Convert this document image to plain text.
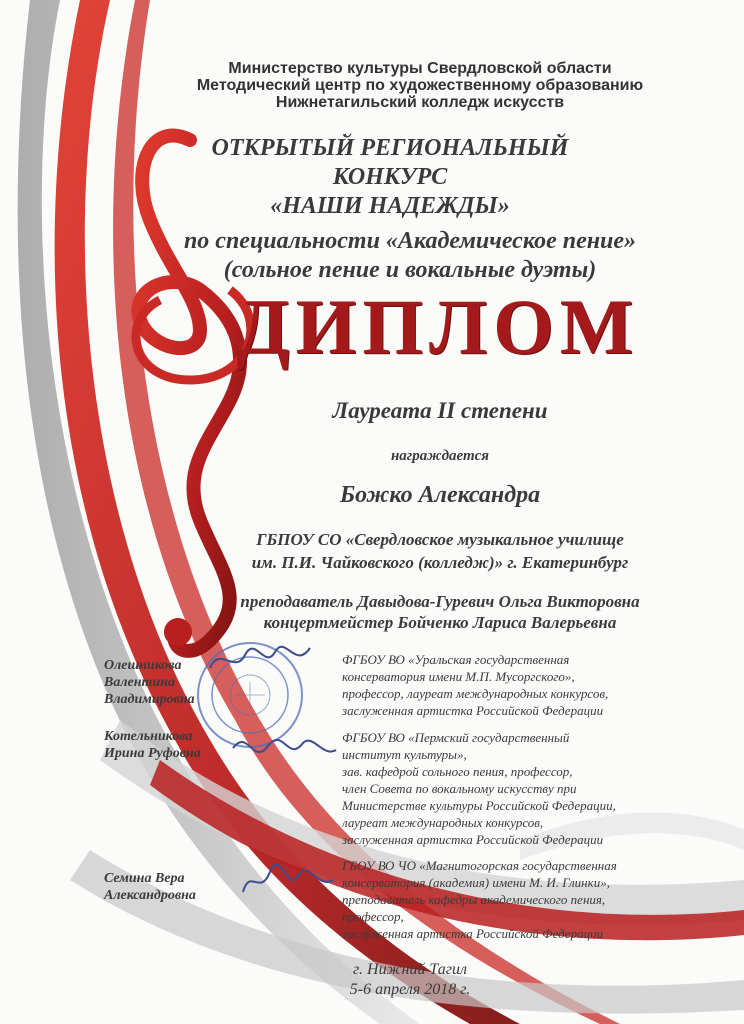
Министерство культуры Свердловской области
Методический центр по художественному образованию
Нижнетагильский колледж искусств
ОТКРЫТЫЙ РЕГИОНАЛЬНЫЙ
КОНКУРС
«НАШИ НАДЕЖДЫ»
по специальности «Академическое пение»
(сольное пение и вокальные дуэты)
ДИПЛОМ
Лауреата II степени
награждается
Божко Александра
ГБПОУ СО «Свердловское музыкальное училище
им. П.И. Чайковского (колледж)» г. Екатеринбург
преподаватель Давыдова-Гуревич Ольга Викторовна
концертмейстер Бойченко Лариса Валерьевна
Олешникова
Валентина
Владимировна
ФГБОУ ВО «Уральская государственная
консерватория имени М.П. Мусоргского»,
профессор, лауреат международных конкурсов,
заслуженная артистка Российской Федерации
Котельникова
Ирина Руфовна
ФГБОУ ВО «Пермский государственный
институт культуры»,
зав. кафедрой сольного пения, профессор,
член Совета по вокальному искусству при
Министерстве культуры Российской Федерации,
лауреат международных конкурсов,
заслуженная артистка Российской Федерации
Семина Вера
Александровна
ГБОУ ВО ЧО «Магнитогорская государственная
консерватория (академия) имени М. И. Глинки»,
преподаватель кафедры академического пения,
профессор,
заслуженная артистка Российской Федерации
г. Нижний Тагил
5-6 апреля 2018 г.
